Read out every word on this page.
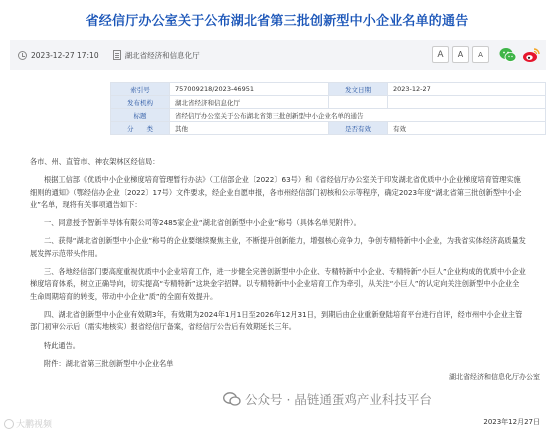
省经信厅办公室关于公布湖北省第三批创新型中小企业名单的通告
2023-12-27 17:10	湖北省经济和信息化厅	A	A	A
索引号	757009218/2023-46951	发文日期	2023-12-27
发布机构	湖北省经济和信息化厅		
标题	省经信厅办公室关于公布湖北省第三批创新型中小企业名单的通告		
分　　类	其他	是否有效	有效

各市、州、直管市、神农架林区经信局：

根据工信部《优质中小企业梯度培育管理暂行办法》（工信部企业〔2022〕63号）和《省经信厅办公室关于印发湖北省优质中小企业梯度培育管理实施细则的通知》（鄂经信办企业〔2022〕17号）文件要求，经企业自愿申报，各市州经信部门初核和公示等程序，确定2023年度“湖北省第三批创新型中小企业”名单，现将有关事项通告如下：

一、同意授予智新半导体有限公司等2485家企业“湖北省创新型中小企业”称号（具体名单见附件）。

二、获得“湖北省创新型中小企业”称号的企业要继续聚焦主业，不断提升创新能力，增强核心竞争力，争创专精特新中小企业，为我省实体经济高质量发展发挥示范带头作用。

三、各地经信部门要高度重视优质中小企业培育工作，进一步健全完善创新型中小企业、专精特新中小企业、专精特新“小巨人”企业构成的优质中小企业梯度培育体系，树立正确导向，切实提高“专精特新”这块金字招牌。以专精特新中小企业培育工作为牵引，从关注“小巨人”的认定向关注创新型中小企业全生命周期培育的转变，带动中小企业“质”的全面有效提升。

四、湖北省创新型中小企业有效期3年，有效期为2024年1月1日至2026年12月31日，到期后由企业重新登陆培育平台进行自评，经市州中小企业主管部门初审公示后（需实地核实）报省经信厅备案，省经信厅公告后有效期延长三年。

特此通告。

附件：湖北省第三批创新型中小企业名单

湖北省经济和信息化厅办公室
公众号 · 晶链通蛋鸡产业科技平台
大鹏视频	2023年12月27日
